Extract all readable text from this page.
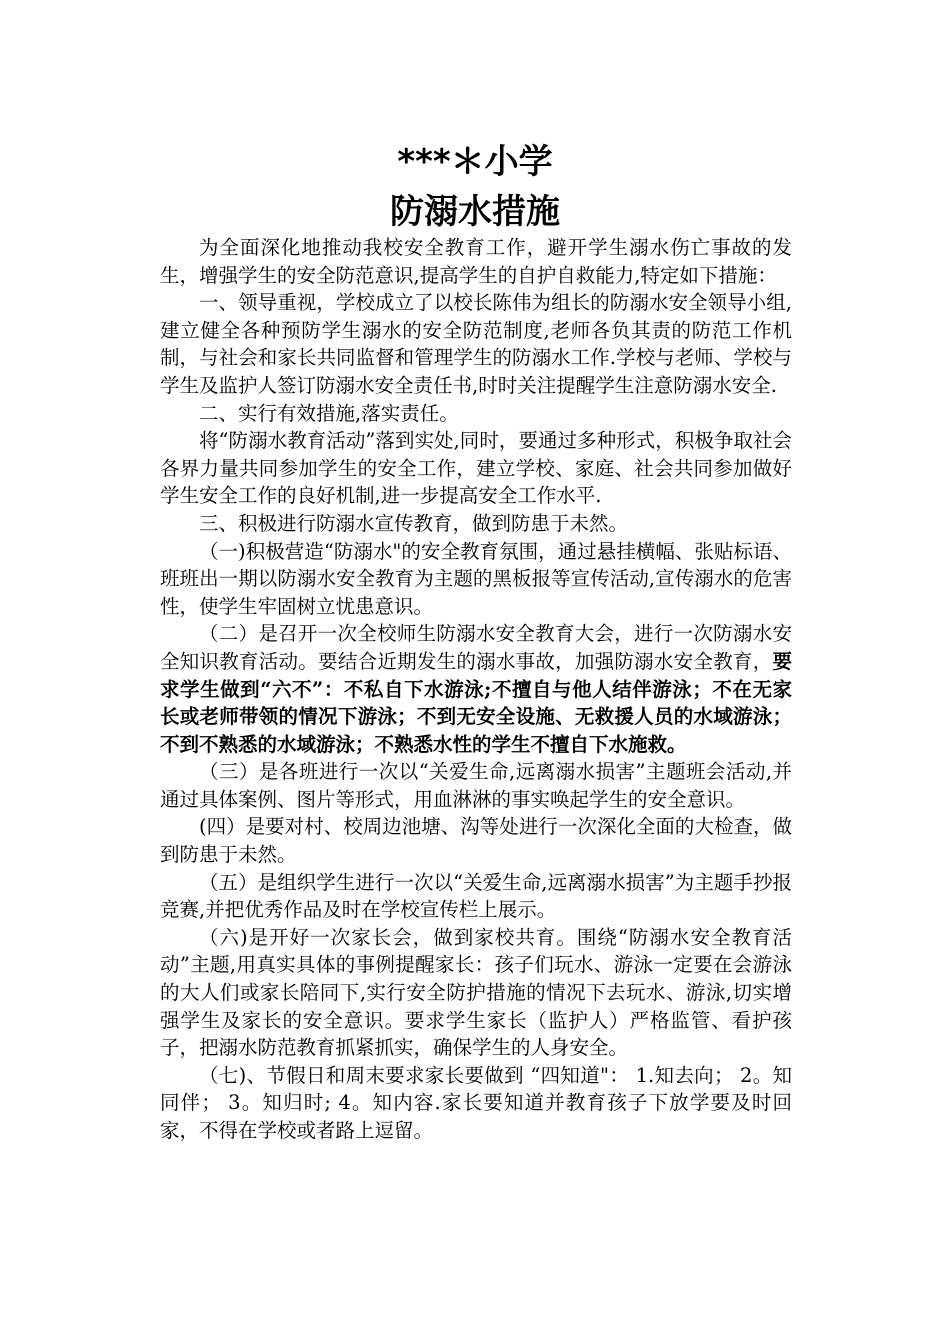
***＊小学
防溺水措施

为全面深化地推动我校安全教育工作，避开学生溺水伤亡事故的发生，增强学生的安全防范意识,提高学生的自护自救能力,特定如下措施：

一、领导重视，学校成立了以校长陈伟为组长的防溺水安全领导小组,建立健全各种预防学生溺水的安全防范制度,老师各负其责的防范工作机制，与社会和家长共同监督和管理学生的防溺水工作.学校与老师、学校与学生及监护人签订防溺水安全责任书,时时关注提醒学生注意防溺水安全.

二、实行有效措施,落实责任。

将“防溺水教育活动”落到实处,同时，要通过多种形式，积极争取社会各界力量共同参加学生的安全工作，建立学校、家庭、社会共同参加做好学生安全工作的良好机制,进一步提高安全工作水平.

三、积极进行防溺水宣传教育，做到防患于未然。

（一)积极营造“防溺水"的安全教育氛围，通过悬挂横幅、张贴标语、班班出一期以防溺水安全教育为主题的黑板报等宣传活动,宣传溺水的危害性，使学生牢固树立忧患意识。

（二）是召开一次全校师生防溺水安全教育大会，进行一次防溺水安全知识教育活动。要结合近期发生的溺水事故，加强防溺水安全教育，要求学生做到“六不”：不私自下水游泳;不擅自与他人结伴游泳；不在无家长或老师带领的情况下游泳；不到无安全设施、无救援人员的水域游泳；不到不熟悉的水域游泳；不熟悉水性的学生不擅自下水施救。

（三）是各班进行一次以“关爱生命,远离溺水损害”主题班会活动,并通过具体案例、图片等形式，用血淋淋的事实唤起学生的安全意识。

(四）是要对村、校周边池塘、沟等处进行一次深化全面的大检查，做到防患于未然。

（五）是组织学生进行一次以“关爱生命,远离溺水损害”为主题手抄报竞赛,并把优秀作品及时在学校宣传栏上展示。

（六)是开好一次家长会，做到家校共育。围绕“防溺水安全教育活动”主题,用真实具体的事例提醒家长：孩子们玩水、游泳一定要在会游泳的大人们或家长陪同下,实行安全防护措施的情况下去玩水、游泳,切实增强学生及家长的安全意识。要求学生家长（监护人）严格监管、看护孩子，把溺水防范教育抓紧抓实，确保学生的人身安全。

（七)、节假日和周末要求家长要做到 “四知道"： 1.知去向； 2。知同伴； 3。知归时; 4。知内容.家长要知道并教育孩子下放学要及时回家，不得在学校或者路上逗留。
